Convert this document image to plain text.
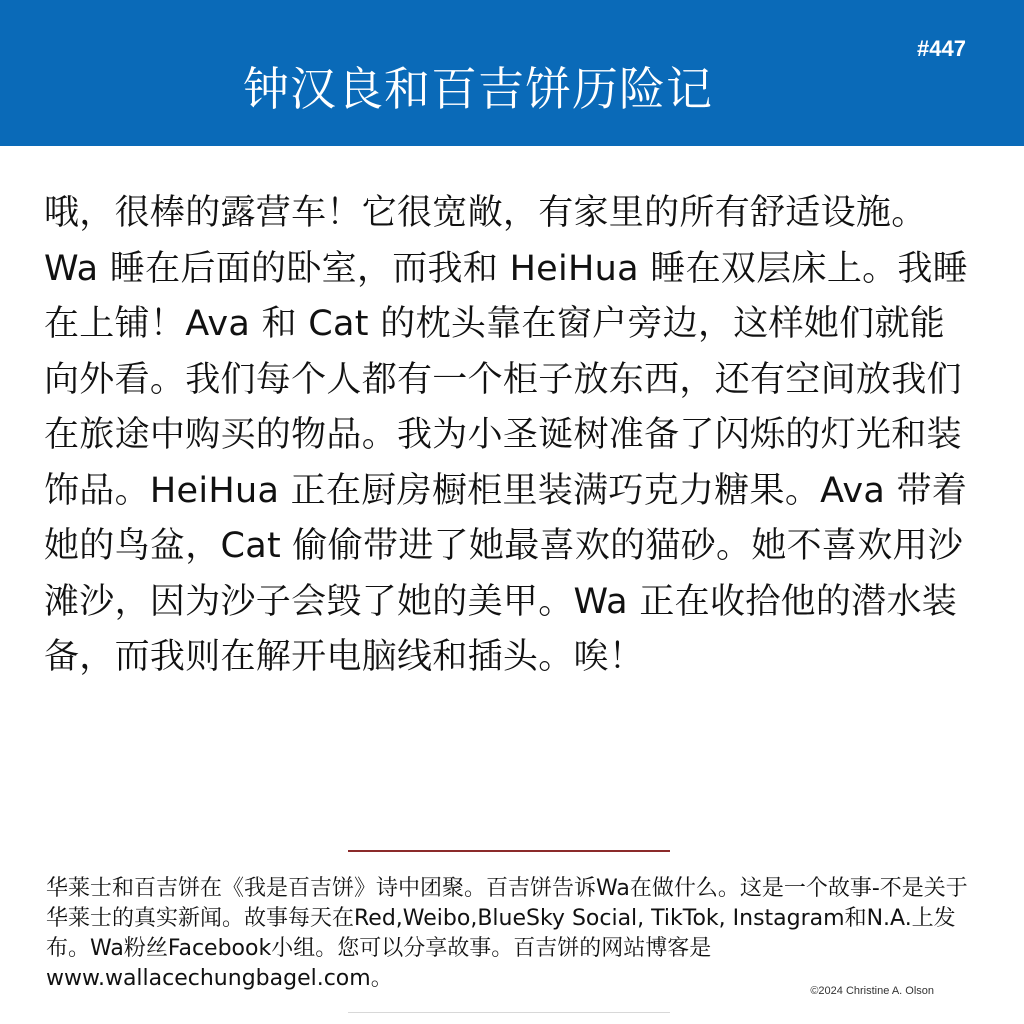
钟汉良和百吉饼历险记
#447

哦，很棒的露营车！它很宽敞，有家里的所有舒适设施。Wa 睡在后面的卧室，而我和 HeiHua 睡在双层床上。我睡在上铺！Ava 和 Cat 的枕头靠在窗户旁边，这样她们就能向外看。我们每个人都有一个柜子放东西，还有空间放我们在旅途中购买的物品。我为小圣诞树准备了闪烁的灯光和装饰品。HeiHua 正在厨房橱柜里装满巧克力糖果。Ava 带着她的鸟盆，Cat 偷偷带进了她最喜欢的猫砂。她不喜欢用沙滩沙，因为沙子会毁了她的美甲。Wa 正在收拾他的潜水装备，而我则在解开电脑线和插头。唉！

华莱士和百吉饼在《我是百吉饼》诗中团聚。百吉饼告诉Wa在做什么。这是一个故事-不是关于华莱士的真实新闻。故事每天在Red,Weibo,BlueSky Social, TikTok, Instagram和N.A.上发布。Wa粉丝Facebook小组。您可以分享故事。百吉饼的网站博客是www.wallacechungbagel.com。	©2024 Christine A. Olson
